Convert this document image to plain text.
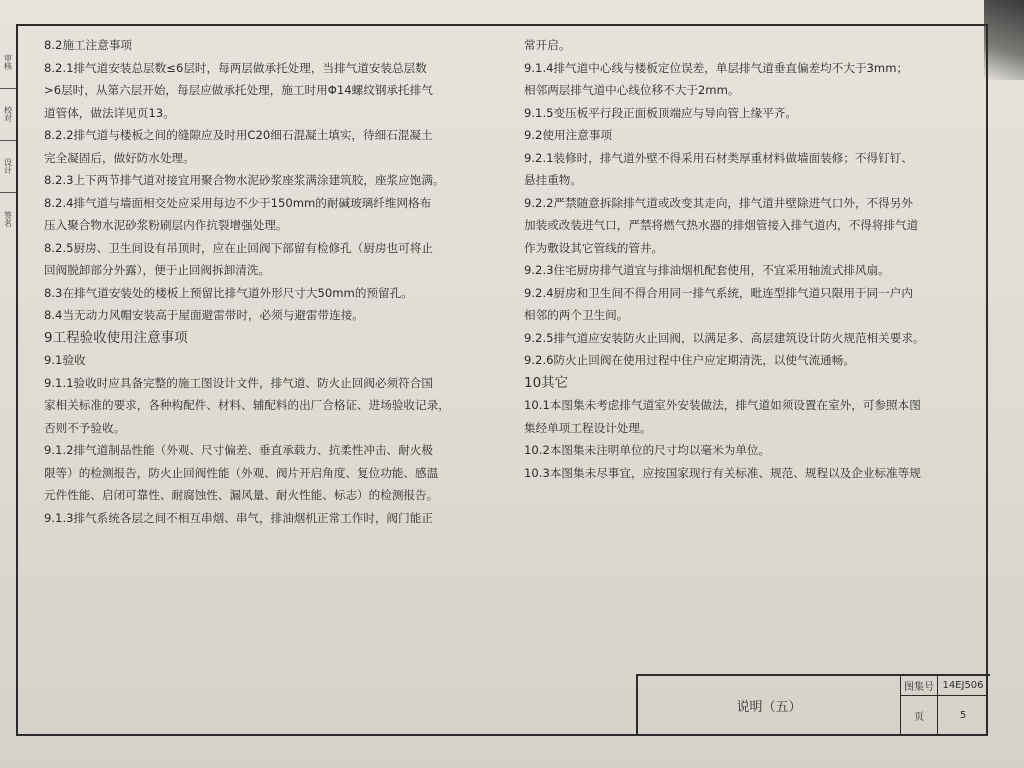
审核
校对
设计
签名
8.2施工注意事项
8.2.1排气道安装总层数≤6层时，每两层做承托处理，当排气道安装总层数
>6层时，从第六层开始，每层应做承托处理，施工时用Φ14螺纹钢承托排气
道管体，做法详见页13。
8.2.2排气道与楼板之间的缝隙应及时用C20细石混凝土填实，待细石混凝土
完全凝固后，做好防水处理。
8.2.3上下两节排气道对接宜用聚合物水泥砂浆座浆满涂建筑胶，座浆应饱满。
8.2.4排气道与墙面相交处应采用每边不少于150mm的耐碱玻璃纤维网格布
压入聚合物水泥砂浆粉刷层内作抗裂增强处理。
8.2.5厨房、卫生间设有吊顶时，应在止回阀下部留有检修孔（厨房也可将止
回阀脱卸部分外露），便于止回阀拆卸清洗。
8.3在排气道安装处的楼板上预留比排气道外形尺寸大50mm的预留孔。
8.4当无动力风帽安装高于屋面避雷带时，必须与避雷带连接。
9工程验收使用注意事项
9.1验收
9.1.1验收时应具备完整的施工图设计文件，排气道、防火止回阀必须符合国
家相关标准的要求，各种构配件、材料、辅配料的出厂合格证、进场验收记录，
否则不予验收。
9.1.2排气道制品性能（外观、尺寸偏差、垂直承载力、抗柔性冲击、耐火极
限等）的检测报告，防火止回阀性能（外观、阀片开启角度、复位功能、感温
元件性能、启闭可靠性、耐腐蚀性、漏风量、耐火性能、标志）的检测报告。
9.1.3排气系统各层之间不相互串烟、串气，排油烟机正常工作时，阀门能正
常开启。
9.1.4排气道中心线与楼板定位误差，单层排气道垂直偏差均不大于3mm；
相邻两层排气道中心线位移不大于2mm。
9.1.5变压板平行段正面板顶端应与导向管上缘平齐。
9.2使用注意事项
9.2.1装修时，排气道外壁不得采用石材类厚重材料做墙面装修；不得钉钉、
悬挂重物。
9.2.2严禁随意拆除排气道或改变其走向，排气道井壁除进气口外，不得另外
加装或改装进气口，严禁将燃气热水器的排烟管接入排气道内，不得将排气道
作为敷设其它管线的管井。
9.2.3住宅厨房排气道宜与排油烟机配套使用，不宜采用轴流式排风扇。
9.2.4厨房和卫生间不得合用同一排气系统，毗连型排气道只限用于同一户内
相邻的两个卫生间。
9.2.5排气道应安装防火止回阀，以满足多、高层建筑设计防火规范相关要求。
9.2.6防火止回阀在使用过程中住户应定期清洗，以使气流通畅。
10其它
10.1本图集未考虑排气道室外安装做法，排气道如须设置在室外，可参照本图
集经单项工程设计处理。
10.2本图集未注明单位的尺寸均以毫米为单位。
10.3本图集未尽事宜，应按国家现行有关标准、规范、规程以及企业标准等规
说明（五）
图集号 14EJ506
页	5
